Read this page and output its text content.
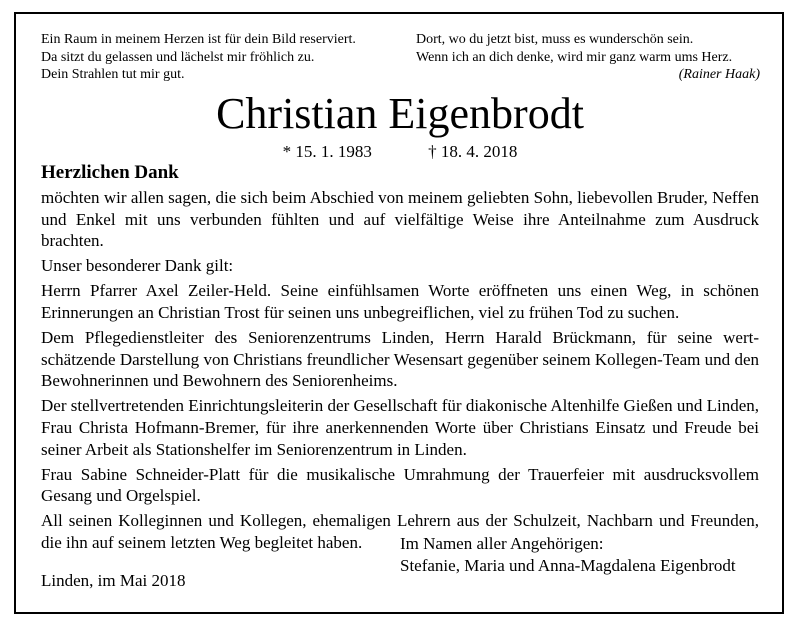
Ein Raum in meinem Herzen ist für dein Bild reserviert.
Da sitzt du gelassen und lächelst mir fröhlich zu.
Dein Strahlen tut mir gut.
Dort, wo du jetzt bist, muss es wunderschön sein.
Wenn ich an dich denke, wird mir ganz warm ums Herz.
(Rainer Haak)
Christian Eigenbrodt
* 15. 1. 1983	† 18. 4. 2018
Herzlichen Dank

möchten wir allen sagen, die sich beim Abschied von meinem geliebten Sohn, liebevollen Bruder, Neffen und Enkel mit uns verbunden fühlten und auf vielfältige Weise ihre Anteilnahme zum Ausdruck brachten.

Unser besonderer Dank gilt:

Herrn Pfarrer Axel Zeiler-Held. Seine einfühlsamen Worte eröffneten uns einen Weg, in schönen Erinnerungen an Christian Trost für seinen uns unbegreiflichen, viel zu frühen Tod zu suchen.

Dem Pflegedienstleiter des Seniorenzentrums Linden, Herrn Harald Brückmann, für seine wertschätzende Darstellung von Christians freundlicher Wesensart gegenüber seinem Kollegen-Team und den Bewohnerinnen und Bewohnern des Seniorenheims.

Der stellvertretenden Einrichtungsleiterin der Gesellschaft für diakonische Altenhilfe Gießen und Linden, Frau Christa Hofmann-Bremer, für ihre anerkennenden Worte über Christians Einsatz und Freude bei seiner Arbeit als Stationshelfer im Seniorenzentrum in Linden.

Frau Sabine Schneider-Platt für die musikalische Umrahmung der Trauerfeier mit ausdrucksvollem Gesang und Orgelspiel.

All seinen Kolleginnen und Kollegen, ehemaligen Lehrern aus der Schulzeit, Nachbarn und Freunden, die ihn auf seinem letzten Weg begleitet haben.	Im Namen aller Angehörigen:
Stefanie, Maria und Anna-Magdalena Eigenbrodt
Linden, im Mai 2018
